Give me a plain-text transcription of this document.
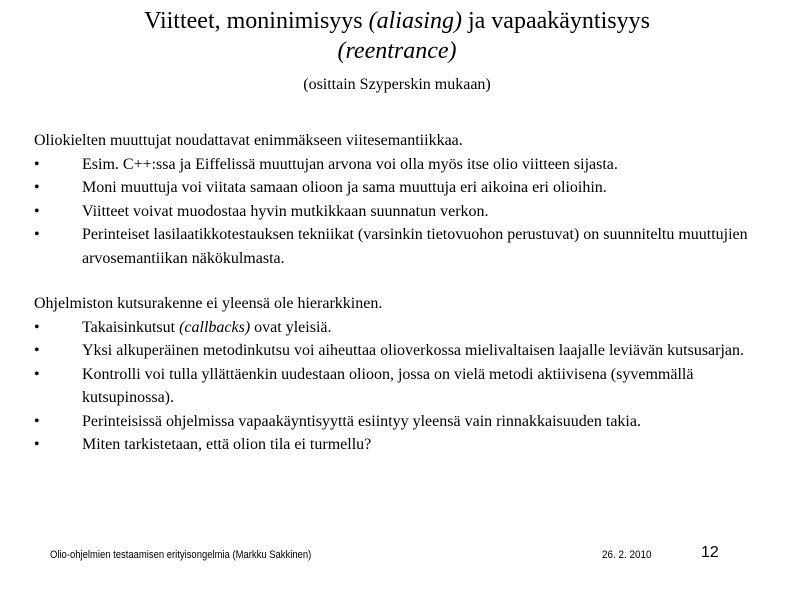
Viitteet, moninimisyys (aliasing) ja vapaakäyntisyys
(reentrance)
(osittain Szyperskin mukaan)
Oliokielten muuttujat noudattavat enimmäkseen viitesemantiikkaa.
•	Esim. C++:ssa ja Eiffelissä muuttujan arvona voi olla myös itse olio viitteen sijasta.
•	Moni muuttuja voi viitata samaan olioon ja sama muuttuja eri aikoina eri olioihin.
•	Viitteet voivat muodostaa hyvin mutkikkaan suunnatun verkon.
•	Perinteiset lasilaatikkotestauksen tekniikat (varsinkin tietovuohon perustuvat) on suunniteltu muuttujien arvosemantiikan näkökulmasta.
Ohjelmiston kutsurakenne ei yleensä ole hierarkkinen.
•	Takaisinkutsut (callbacks) ovat yleisiä.
•	Yksi alkuperäinen metodinkutsu voi aiheuttaa olioverkossa mielivaltaisen laajalle leviävän kutsusarjan.
•	Kontrolli voi tulla yllättäenkin uudestaan olioon, jossa on vielä metodi aktiivisena (syvemmällä kutsupinossa).
•	Perinteisissä ohjelmissa vapaakäyntisyyttä esiintyy yleensä vain rinnakkaisuuden takia.
•	Miten tarkistetaan, että olion tila ei turmellu?
Olio-ohjelmien testaamisen erityisongelmia (Markku Sakkinen)	26. 2. 2010	12
